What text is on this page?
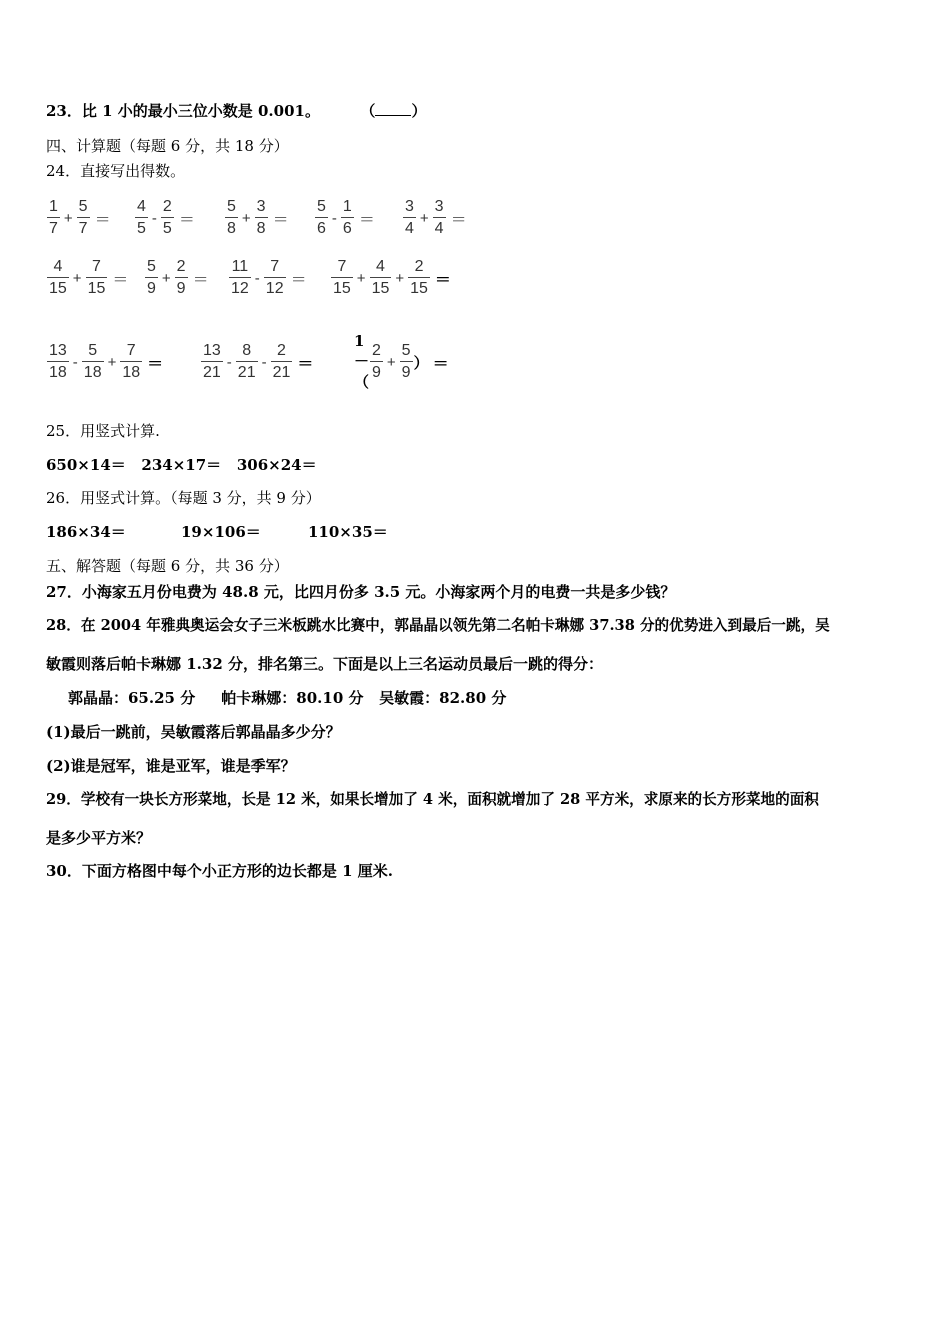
23．比 1 小的最小三位小数是 0.001。	（ ）
四、计算题（每题 6 分，共 18 分）
24．直接写出得数。
$\frac{1}{7} + \frac{5}{7} = \frac{4}{5} - \frac{2}{5} = \frac{5}{8} + \frac{3}{8} = \frac{5}{6} - \frac{1}{6} = \frac{3}{4} + \frac{3}{4}$ ＝
$\frac{4}{15} + \frac{7}{15} = \frac{5}{9} + \frac{2}{9} = \frac{11}{12} - \frac{7}{12} = \frac{7}{15} + \frac{4}{15} + \frac{2}{15}$ ＝
$\frac{13}{18} - \frac{5}{18} + \frac{7}{18} = \frac{13}{21} - \frac{8}{21} - \frac{2}{21}$ ＝
$1-( \frac{2}{9} + \frac{5}{9}$ ） ＝
25．用竖式计算.
650×14＝   234×17＝   306×24＝
26．用竖式计算。（每题 3 分，共 9 分）
186×34＝	19×106＝	110×35＝
五、解答题（每题 6 分，共 36 分）
27．小海家五月份电费为 48.8 元，比四月份多 3.5 元。小海家两个月的电费一共是多少钱？
28．在 2004 年雅典奥运会女子三米板跳水比赛中，郭晶晶以领先第二名帕卡琳娜 37.38 分的优势进入到最后一跳，吴
敏霞则落后帕卡琳娜 1.32 分，排名第三。下面是以上三名运动员最后一跳的得分：
郭晶晶：65.25 分     帕卡琳娜：80.10 分   吴敏霞：82.80 分
(1)最后一跳前，吴敏霞落后郭晶晶多少分？
(2)谁是冠军，谁是亚军，谁是季军？
29．学校有一块长方形菜地，长是 12 米，如果长增加了 4 米，面积就增加了 28 平方米，求原来的长方形菜地的面积
是多少平方米？
30．下面方格图中每个小正方形的边长都是 1 厘米.
